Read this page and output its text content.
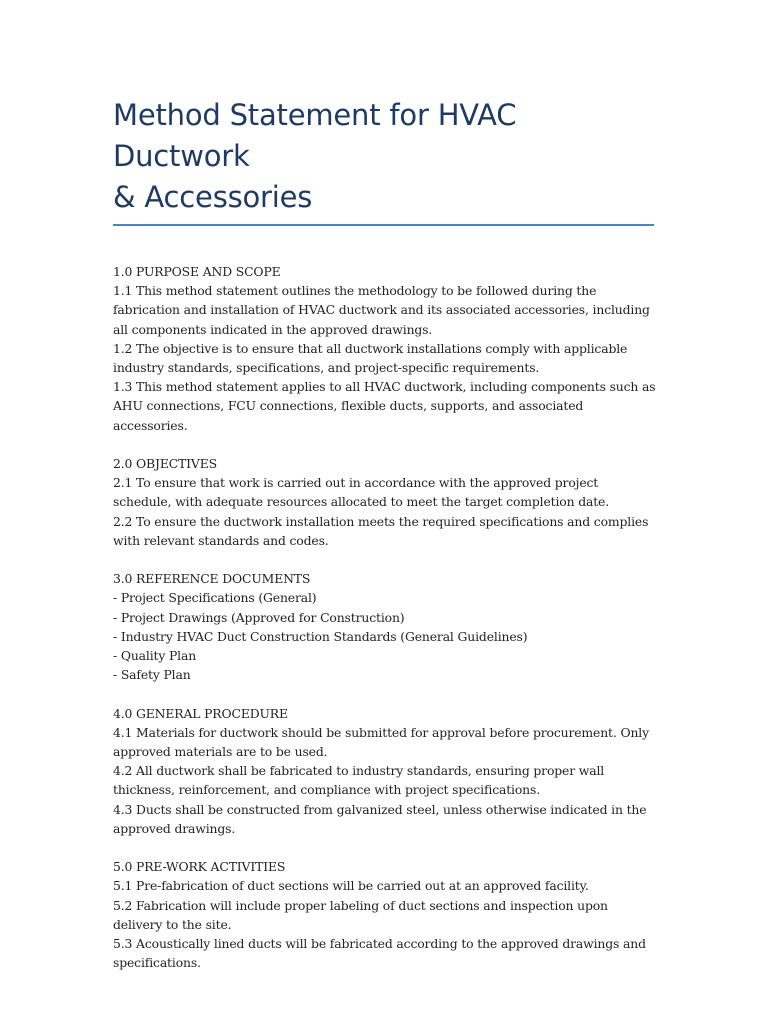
Method Statement for HVAC Ductwork
& Accessories
1.0 PURPOSE AND SCOPE
1.1 This method statement outlines the methodology to be followed during the fabrication and installation of HVAC ductwork and its associated accessories, including all components indicated in the approved drawings.
1.2 The objective is to ensure that all ductwork installations comply with applicable industry standards, specifications, and project-specific requirements.
1.3 This method statement applies to all HVAC ductwork, including components such as AHU connections, FCU connections, flexible ducts, supports, and associated accessories.
2.0 OBJECTIVES
2.1 To ensure that work is carried out in accordance with the approved project schedule, with adequate resources allocated to meet the target completion date.
2.2 To ensure the ductwork installation meets the required specifications and complies with relevant standards and codes.
3.0 REFERENCE DOCUMENTS
- Project Specifications (General)
- Project Drawings (Approved for Construction)
- Industry HVAC Duct Construction Standards (General Guidelines)
- Quality Plan
- Safety Plan
4.0 GENERAL PROCEDURE
4.1 Materials for ductwork should be submitted for approval before procurement. Only approved materials are to be used.
4.2 All ductwork shall be fabricated to industry standards, ensuring proper wall thickness, reinforcement, and compliance with project specifications.
4.3 Ducts shall be constructed from galvanized steel, unless otherwise indicated in the approved drawings.
5.0 PRE-WORK ACTIVITIES
5.1 Pre-fabrication of duct sections will be carried out at an approved facility.
5.2 Fabrication will include proper labeling of duct sections and inspection upon delivery to the site.
5.3 Acoustically lined ducts will be fabricated according to the approved drawings and specifications.
